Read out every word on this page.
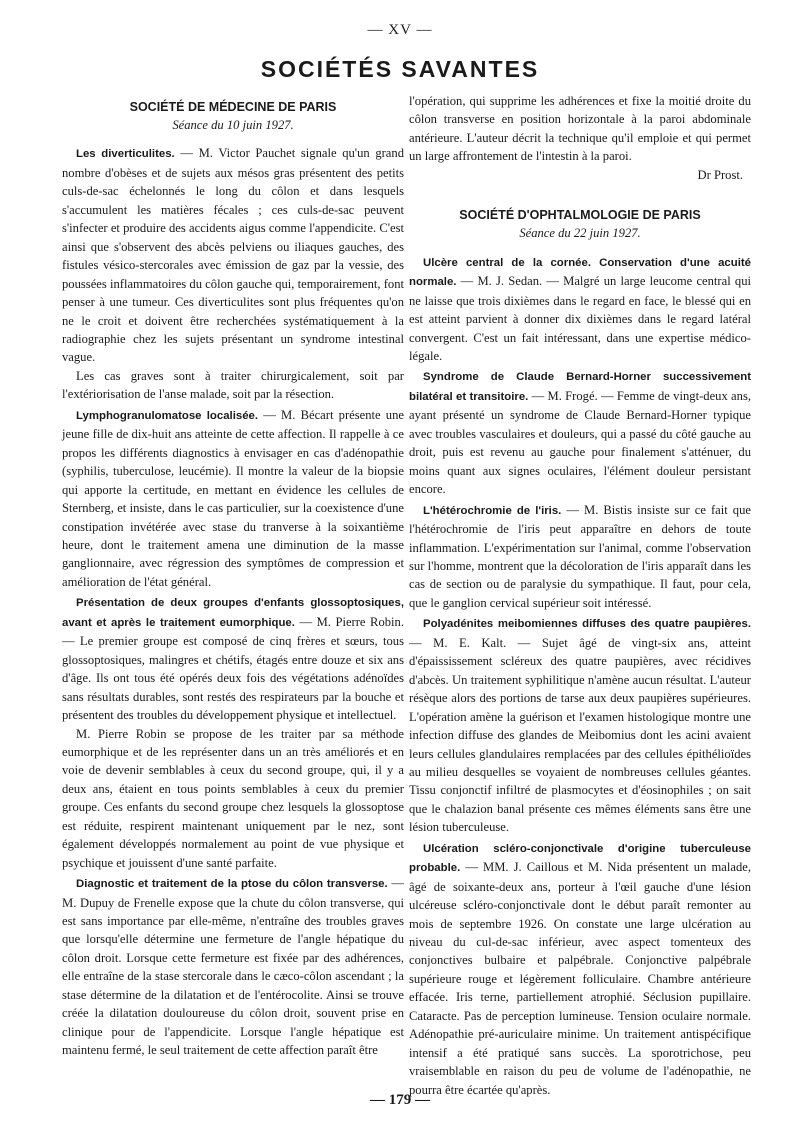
— XV —
SOCIÉTÉS SAVANTES
SOCIÉTÉ DE MÉDECINE DE PARIS
Séance du 10 juin 1927.

Les diverticulites. — M. Victor Pauchet signale qu'un grand nombre d'obèses et de sujets aux mésos gras présentent des petits culs-de-sac échelonnés le long du côlon et dans lesquels s'accumulent les matières fécales ; ces culs-de-sac peuvent s'infecter et produire des accidents aigus comme l'appendicite. C'est ainsi que s'observent des abcès pelviens ou iliaques gauches, des fistules vésico-stercorales avec émission de gaz par la vessie, des poussées inflammatoires du côlon gauche qui, temporairement, font penser à une tumeur. Ces diverticulites sont plus fréquentes qu'on ne le croit et doivent être recherchées systématiquement à la radiographie chez les sujets présentant un syndrome intestinal vague.

Les cas graves sont à traiter chirurgicalement, soit par l'extériorisation de l'anse malade, soit par la résection.

Lymphogranulomatose localisée. — M. Bécart présente une jeune fille de dix-huit ans atteinte de cette affection. Il rappelle à ce propos les différents diagnostics à envisager en cas d'adénopathie (syphilis, tuberculose, leucémie). Il montre la valeur de la biopsie qui apporte la certitude, en mettant en évidence les cellules de Sternberg, et insiste, dans le cas particulier, sur la coexistence d'une constipation invétérée avec stase du tranverse à la soixantième heure, dont le traitement amena une diminution de la masse ganglionnaire, avec régression des symptômes de compression et amélioration de l'état général.

Présentation de deux groupes d'enfants glossoptosiques, avant et après le traitement eumorphique. — M. Pierre Robin. — Le premier groupe est composé de cinq frères et sœurs, tous glossoptosiques, malingres et chétifs, étagés entre douze et six ans d'âge. Ils ont tous été opérés deux fois des végétations adénoïdes sans résultats durables, sont restés des respirateurs par la bouche et présentent des troubles du développement physique et intellectuel.

M. Pierre Robin se propose de les traiter par sa méthode eumorphique et de les représenter dans un an très améliorés et en voie de devenir semblables à ceux du second groupe, qui, il y a deux ans, étaient en tous points semblables à ceux du premier groupe. Ces enfants du second groupe chez lesquels la glossoptose est réduite, respirent maintenant uniquement par le nez, sont également développés normalement au point de vue physique et psychique et jouissent d'une santé parfaite.

Diagnostic et traitement de la ptose du côlon transverse. — M. Dupuy de Frenelle expose que la chute du côlon transverse, qui est sans importance par elle-même, n'entraîne des troubles graves que lorsqu'elle détermine une fermeture de l'angle hépatique du côlon droit. Lorsque cette fermeture est fixée par des adhérences, elle entraîne de la stase stercorale dans le cæco-côlon ascendant ; la stase détermine de la dilatation et de l'entérocolite. Ainsi se trouve créée la dilatation douloureuse du côlon droit, souvent prise en clinique pour de l'appendicite. Lorsque l'angle hépatique est maintenu fermé, le seul traitement de cette affection paraît être

l'opération, qui supprime les adhérences et fixe la moitié droite du côlon transverse en position horizontale à la paroi abdominale antérieure. L'auteur décrit la technique qu'il emploie et qui permet un large affrontement de l'intestin à la paroi.

Dr Prost.
SOCIÉTÉ D'OPHTALMOLOGIE DE PARIS
Séance du 22 juin 1927.

Ulcère central de la cornée. Conservation d'une acuité normale. — M. J. Sedan. — Malgré un large leucome central qui ne laisse que trois dixièmes dans le regard en face, le blessé qui en est atteint parvient à donner dix dixièmes dans le regard latéral convergent. C'est un fait intéressant, dans une expertise médico-légale.

Syndrome de Claude Bernard-Horner successivement bilatéral et transitoire. — M. Frogé. — Femme de vingt-deux ans, ayant présenté un syndrome de Claude Bernard-Horner typique avec troubles vasculaires et douleurs, qui a passé du côté gauche au droit, puis est revenu au gauche pour finalement s'atténuer, du moins quant aux signes oculaires, l'élément douleur persistant encore.

L'hétérochromie de l'iris. — M. Bistis insiste sur ce fait que l'hétérochromie de l'iris peut apparaître en dehors de toute inflammation. L'expérimentation sur l'animal, comme l'observation sur l'homme, montrent que la décoloration de l'iris apparaît dans les cas de section ou de paralysie du sympathique. Il faut, pour cela, que le ganglion cervical supérieur soit intéressé.

Polyadénites meibomiennes diffuses des quatre paupières. — M. E. Kalt. — Sujet âgé de vingt-six ans, atteint d'épaississement scléreux des quatre paupières, avec récidives d'abcès. Un traitement syphilitique n'amène aucun résultat. L'auteur résèque alors des portions de tarse aux deux paupières supérieures. L'opération amène la guérison et l'examen histologique montre une infection diffuse des glandes de Meibomius dont les acini avaient leurs cellules glandulaires remplacées par des cellules épithélioïdes au milieu desquelles se voyaient de nombreuses cellules géantes. Tissu conjonctif infiltré de plasmocytes et d'éosinophiles ; on sait que le chalazion banal présente ces mêmes éléments sans être une lésion tuberculeuse.

Ulcération scléro-conjonctivale d'origine tuberculeuse probable. — MM. J. Caillous et M. Nida présentent un malade, âgé de soixante-deux ans, porteur à l'œil gauche d'une lésion ulcéreuse scléro-conjonctivale dont le début paraît remonter au mois de septembre 1926. On constate une large ulcération au niveau du cul-de-sac inférieur, avec aspect tomenteux des conjonctives bulbaire et palpébrale. Conjonctive palpébrale supérieure rouge et légèrement folliculaire. Chambre antérieure effacée. Iris terne, partiellement atrophié. Séclusion pupillaire. Cataracte. Pas de perception lumineuse. Tension oculaire normale. Adénopathie pré-auriculaire minime. Un traitement antispécifique intensif a été pratiqué sans succès. La sporotrichose, peu vraisemblable en raison du peu de volume de l'adénopathie, ne pourra être écartée qu'après.

— 179 —
